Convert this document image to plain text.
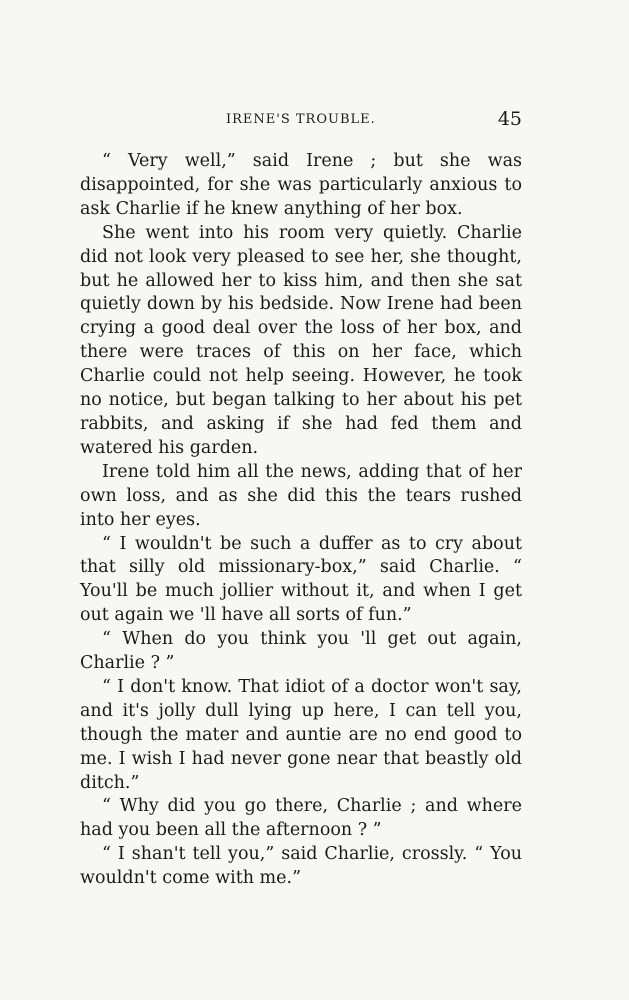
IRENE'S TROUBLE.	45

“ Very well,” said Irene ; but she was disappointed, for she was particularly anxious to ask Charlie if he knew anything of her box.

She went into his room very quietly. Charlie did not look very pleased to see her, she thought, but he allowed her to kiss him, and then she sat quietly down by his bedside. Now Irene had been crying a good deal over the loss of her box, and there were traces of this on her face, which Charlie could not help seeing. However, he took no notice, but began talking to her about his pet rabbits, and asking if she had fed them and watered his garden.

Irene told him all the news, adding that of her own loss, and as she did this the tears rushed into her eyes.

“ I wouldn't be such a duffer as to cry about that silly old missionary-box,” said Charlie. “ You'll be much jollier without it, and when I get out again we 'll have all sorts of fun.”

“ When do you think you 'll get out again, Charlie ? ”

“ I don't know. That idiot of a doctor won't say, and it's jolly dull lying up here, I can tell you, though the mater and auntie are no end good to me. I wish I had never gone near that beastly old ditch.”

“ Why did you go there, Charlie ; and where had you been all the afternoon ? ”

“ I shan't tell you,” said Charlie, crossly. “ You wouldn't come with me.”
